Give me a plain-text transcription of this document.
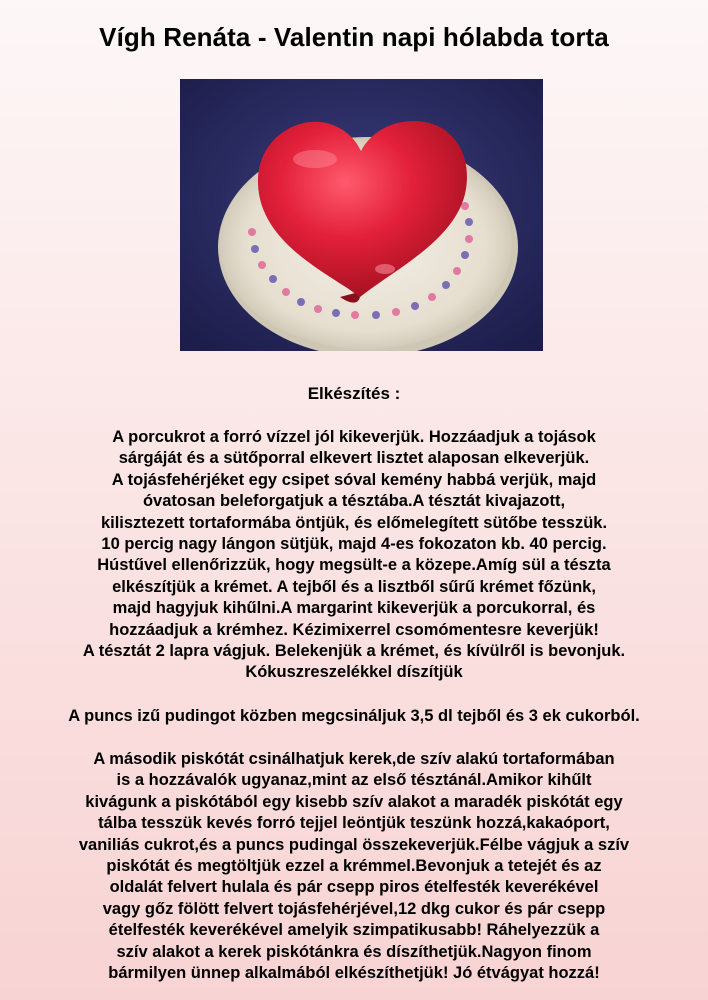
Vígh Renáta - Valentin napi hólabda torta
Elkészítés :
A porcukrot a forró vízzel jól kikeverjük. Hozzáadjuk a tojások
sárgáját és a sütőporral elkevert lisztet alaposan elkeverjük.
A tojásfehérjéket egy csipet sóval kemény habbá verjük, majd
óvatosan beleforgatjuk a tésztába.A tésztát kivajazott,
kilisztezett tortaformába öntjük, és előmelegített sütőbe tesszük.
10 percig nagy lángon sütjük, majd 4-es fokozaton kb. 40 percig.
Hústűvel ellenőrizzük, hogy megsült-e a közepe.Amíg sül a tészta
elkészítjük a krémet. A tejből és a lisztből sűrű krémet főzünk,
majd hagyjuk kihűlni.A margarint kikeverjük a porcukorral, és
hozzáadjuk a krémhez. Kézimixerrel csomómentesre keverjük!
A tésztát 2 lapra vágjuk. Belekenjük a krémet, és kívülről is bevonjuk.
Kókuszreszelékkel díszítjük
A puncs izű pudingot közben megcsináljuk 3,5 dl tejből és 3 ek cukorból.
A második piskótát csinálhatjuk kerek,de szív alakú tortaformában
is a hozzávalók ugyanaz,mint az első tésztánál.Amikor kihűlt
kivágunk a piskótából egy kisebb szív alakot a maradék piskótát egy
tálba tesszük kevés forró tejjel leöntjük teszünk hozzá,kakaóport,
vaniliás cukrot,és a puncs pudingal összekeverjük.Félbe vágjuk a szív
piskótát és megtöltjük ezzel a krémmel.Bevonjuk a tetejét és az
oldalát felvert hulala és pár csepp piros ételfesték keverékével
vagy gőz fölött felvert tojásfehérjével,12 dkg cukor és pár csepp
ételfesték keverékével amelyik szimpatikusabb! Ráhelyezzük a
szív alakot a kerek piskótánkra és díszíthetjük.Nagyon finom
bármilyen ünnep alkalmából elkészíthetjük! Jó étvágyat hozzá!
